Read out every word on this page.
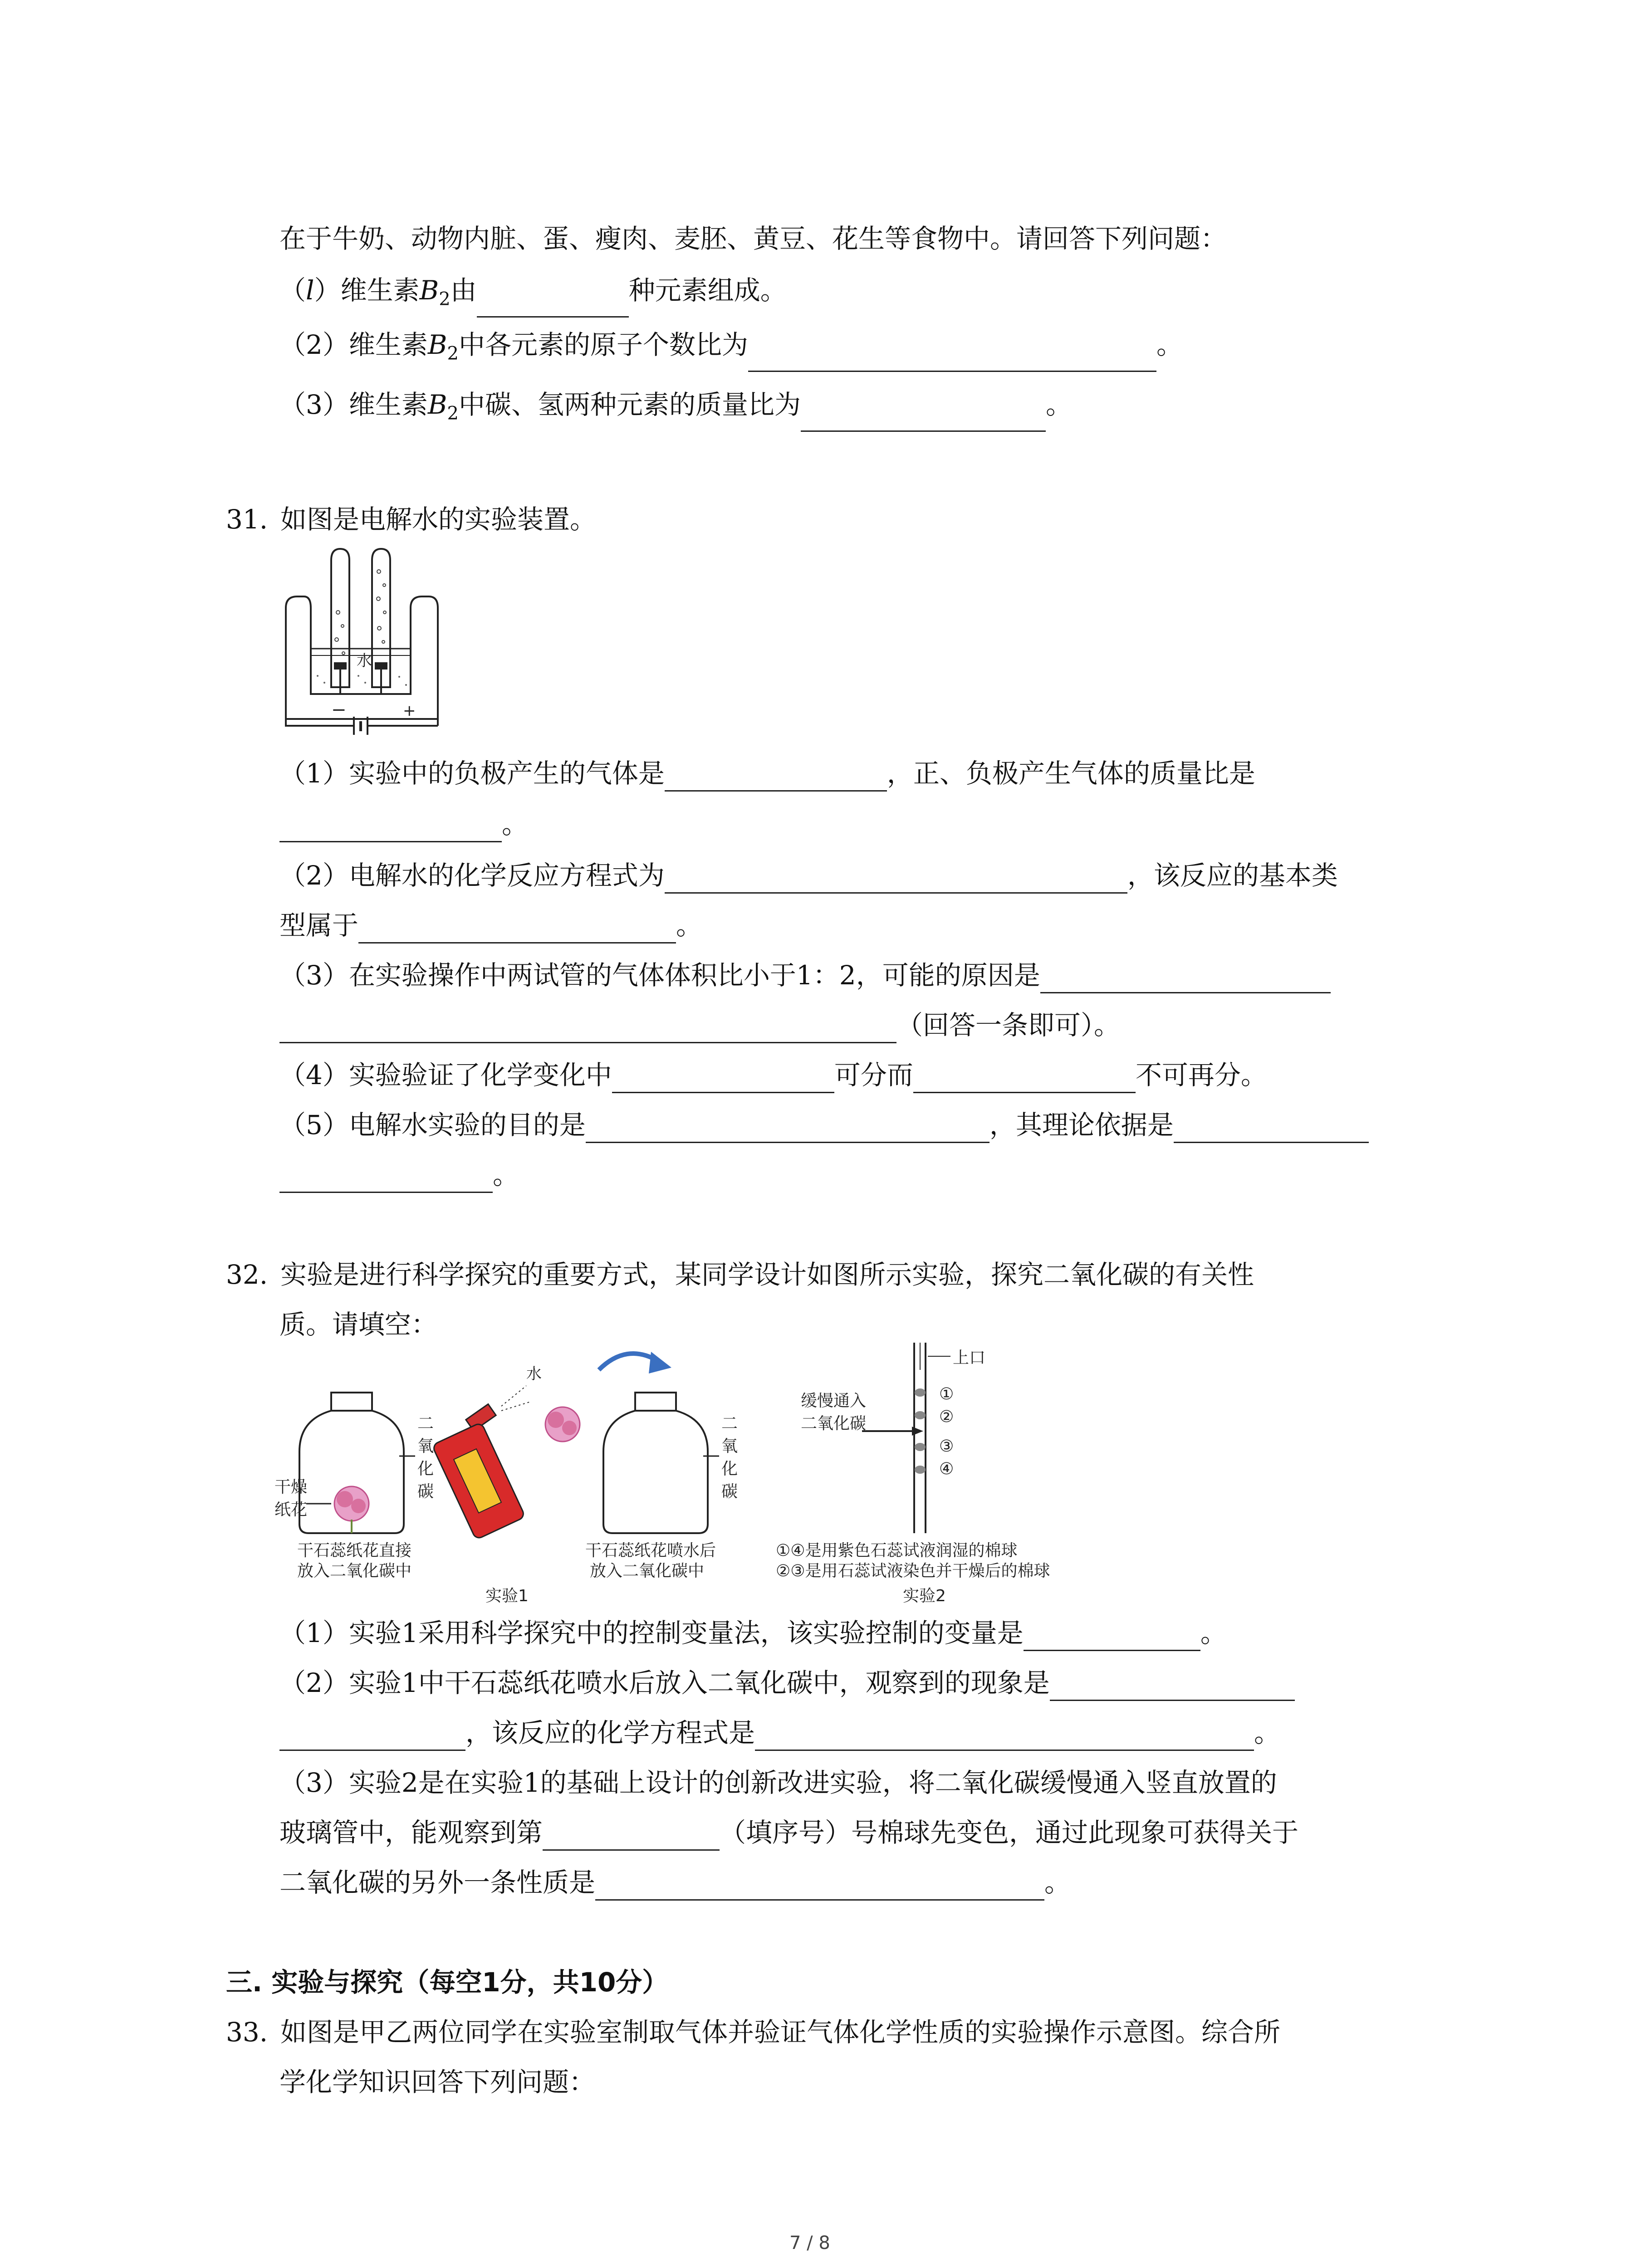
在于牛奶、动物内脏、蛋、瘦肉、麦胚、黄豆、花生等食物中。请回答下列问题：
（l）维生素$B_2$由	种元素组成。
（2）维生素$B_2$中各元素的原子个数比为	。
（3）维生素$B_2$中碳、氢两种元素的质量比为	。
31. 如图是电解水的实验装置。
水
−	+
（1）实验中的负极产生的气体是	，正、负极产生气体的质量比是
。
（2）电解水的化学反应方程式为	，该反应的基本类
型属于	。
（3）在实验操作中两试管的气体体积比小于1：2，可能的原因是
（回答一条即可）。
（4）实验验证了化学变化中	可分而	不可再分。
（5）电解水实验的目的是	，其理论依据是
。
32. 实验是进行科学探究的重要方式，某同学设计如图所示实验，探究二氧化碳的有关性
质。请填空：
二
氧
化
碳
干燥
纸花
干石蕊纸花直接
放入二氧化碳中
水
二
氧
化
碳
干石蕊纸花喷水后
放入二氧化碳中
实验1
上口
缓慢通入
二氧化碳
①
②
③
④
①④是用紫色石蕊试液润湿的棉球
②③是用石蕊试液染色并干燥后的棉球
实验2
（1）实验1采用科学探究中的控制变量法，该实验控制的变量是	。
（2）实验1中干石蕊纸花喷水后放入二氧化碳中，观察到的现象是
，该反应的化学方程式是	。
（3）实验2是在实验1的基础上设计的创新改进实验，将二氧化碳缓慢通入竖直放置的
玻璃管中，能观察到第	（填序号）号棉球先变色，通过此现象可获得关于
二氧化碳的另外一条性质是	。
三. 实验与探究（每空1分，共10分）
33. 如图是甲乙两位同学在实验室制取气体并验证气体化学性质的实验操作示意图。综合所
学化学知识回答下列问题：
7 / 8
